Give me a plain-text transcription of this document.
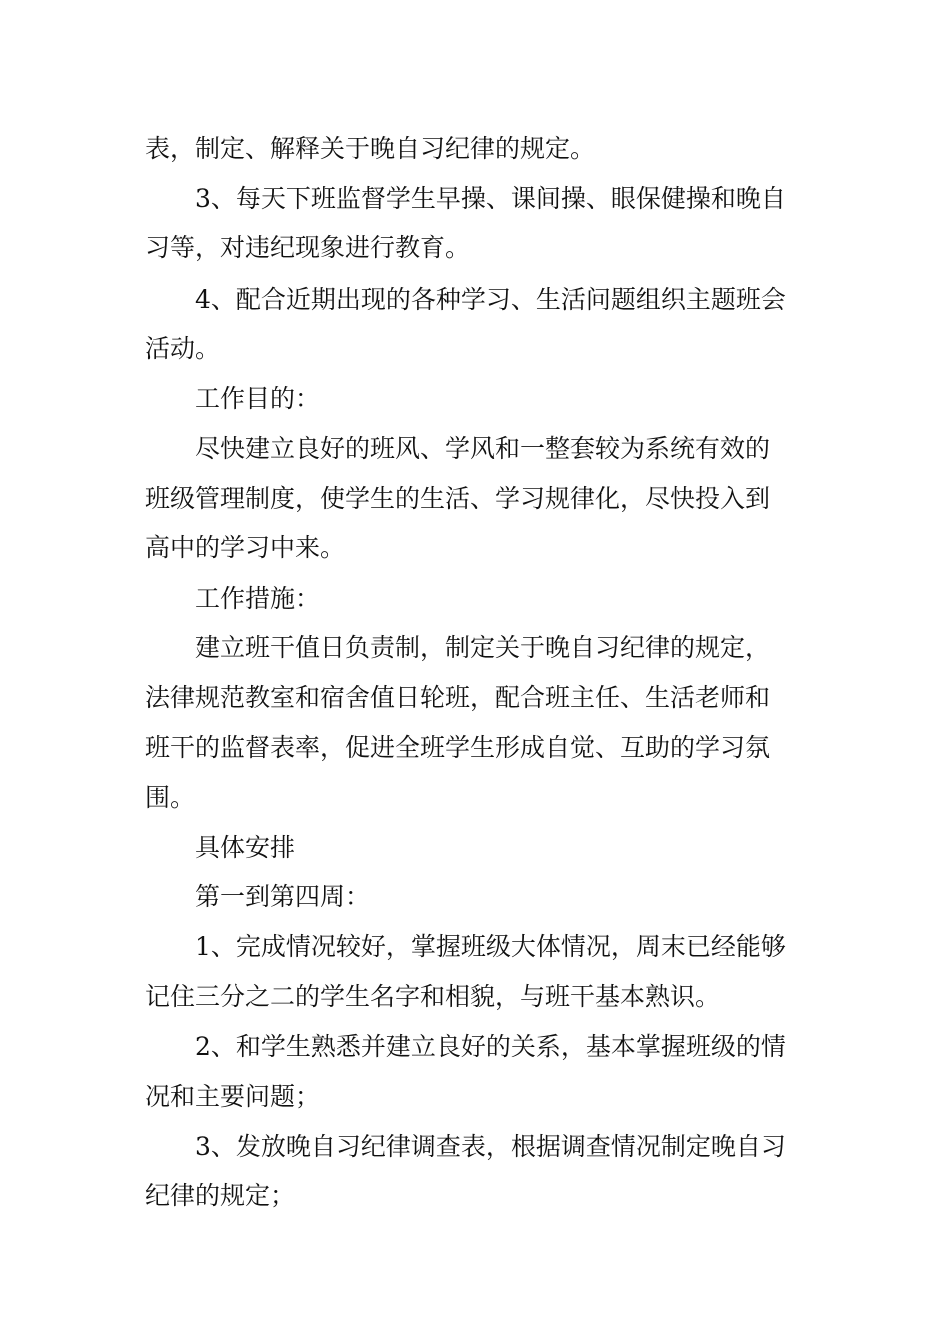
表，制定、解释关于晚自习纪律的规定。
3、每天下班监督学生早操、课间操、眼保健操和晚自
习等，对违纪现象进行教育。
4、配合近期出现的各种学习、生活问题组织主题班会
活动。
工作目的：
尽快建立良好的班风、学风和一整套较为系统有效的
班级管理制度，使学生的生活、学习规律化，尽快投入到
高中的学习中来。
工作措施：
建立班干值日负责制，制定关于晚自习纪律的规定，
法律规范教室和宿舍值日轮班，配合班主任、生活老师和
班干的监督表率，促进全班学生形成自觉、互助的学习氛
围。
具体安排
第一到第四周：
1、完成情况较好，掌握班级大体情况，周末已经能够
记住三分之二的学生名字和相貌，与班干基本熟识。
2、和学生熟悉并建立良好的关系，基本掌握班级的情
况和主要问题；
3、发放晚自习纪律调查表，根据调查情况制定晚自习
纪律的规定；
